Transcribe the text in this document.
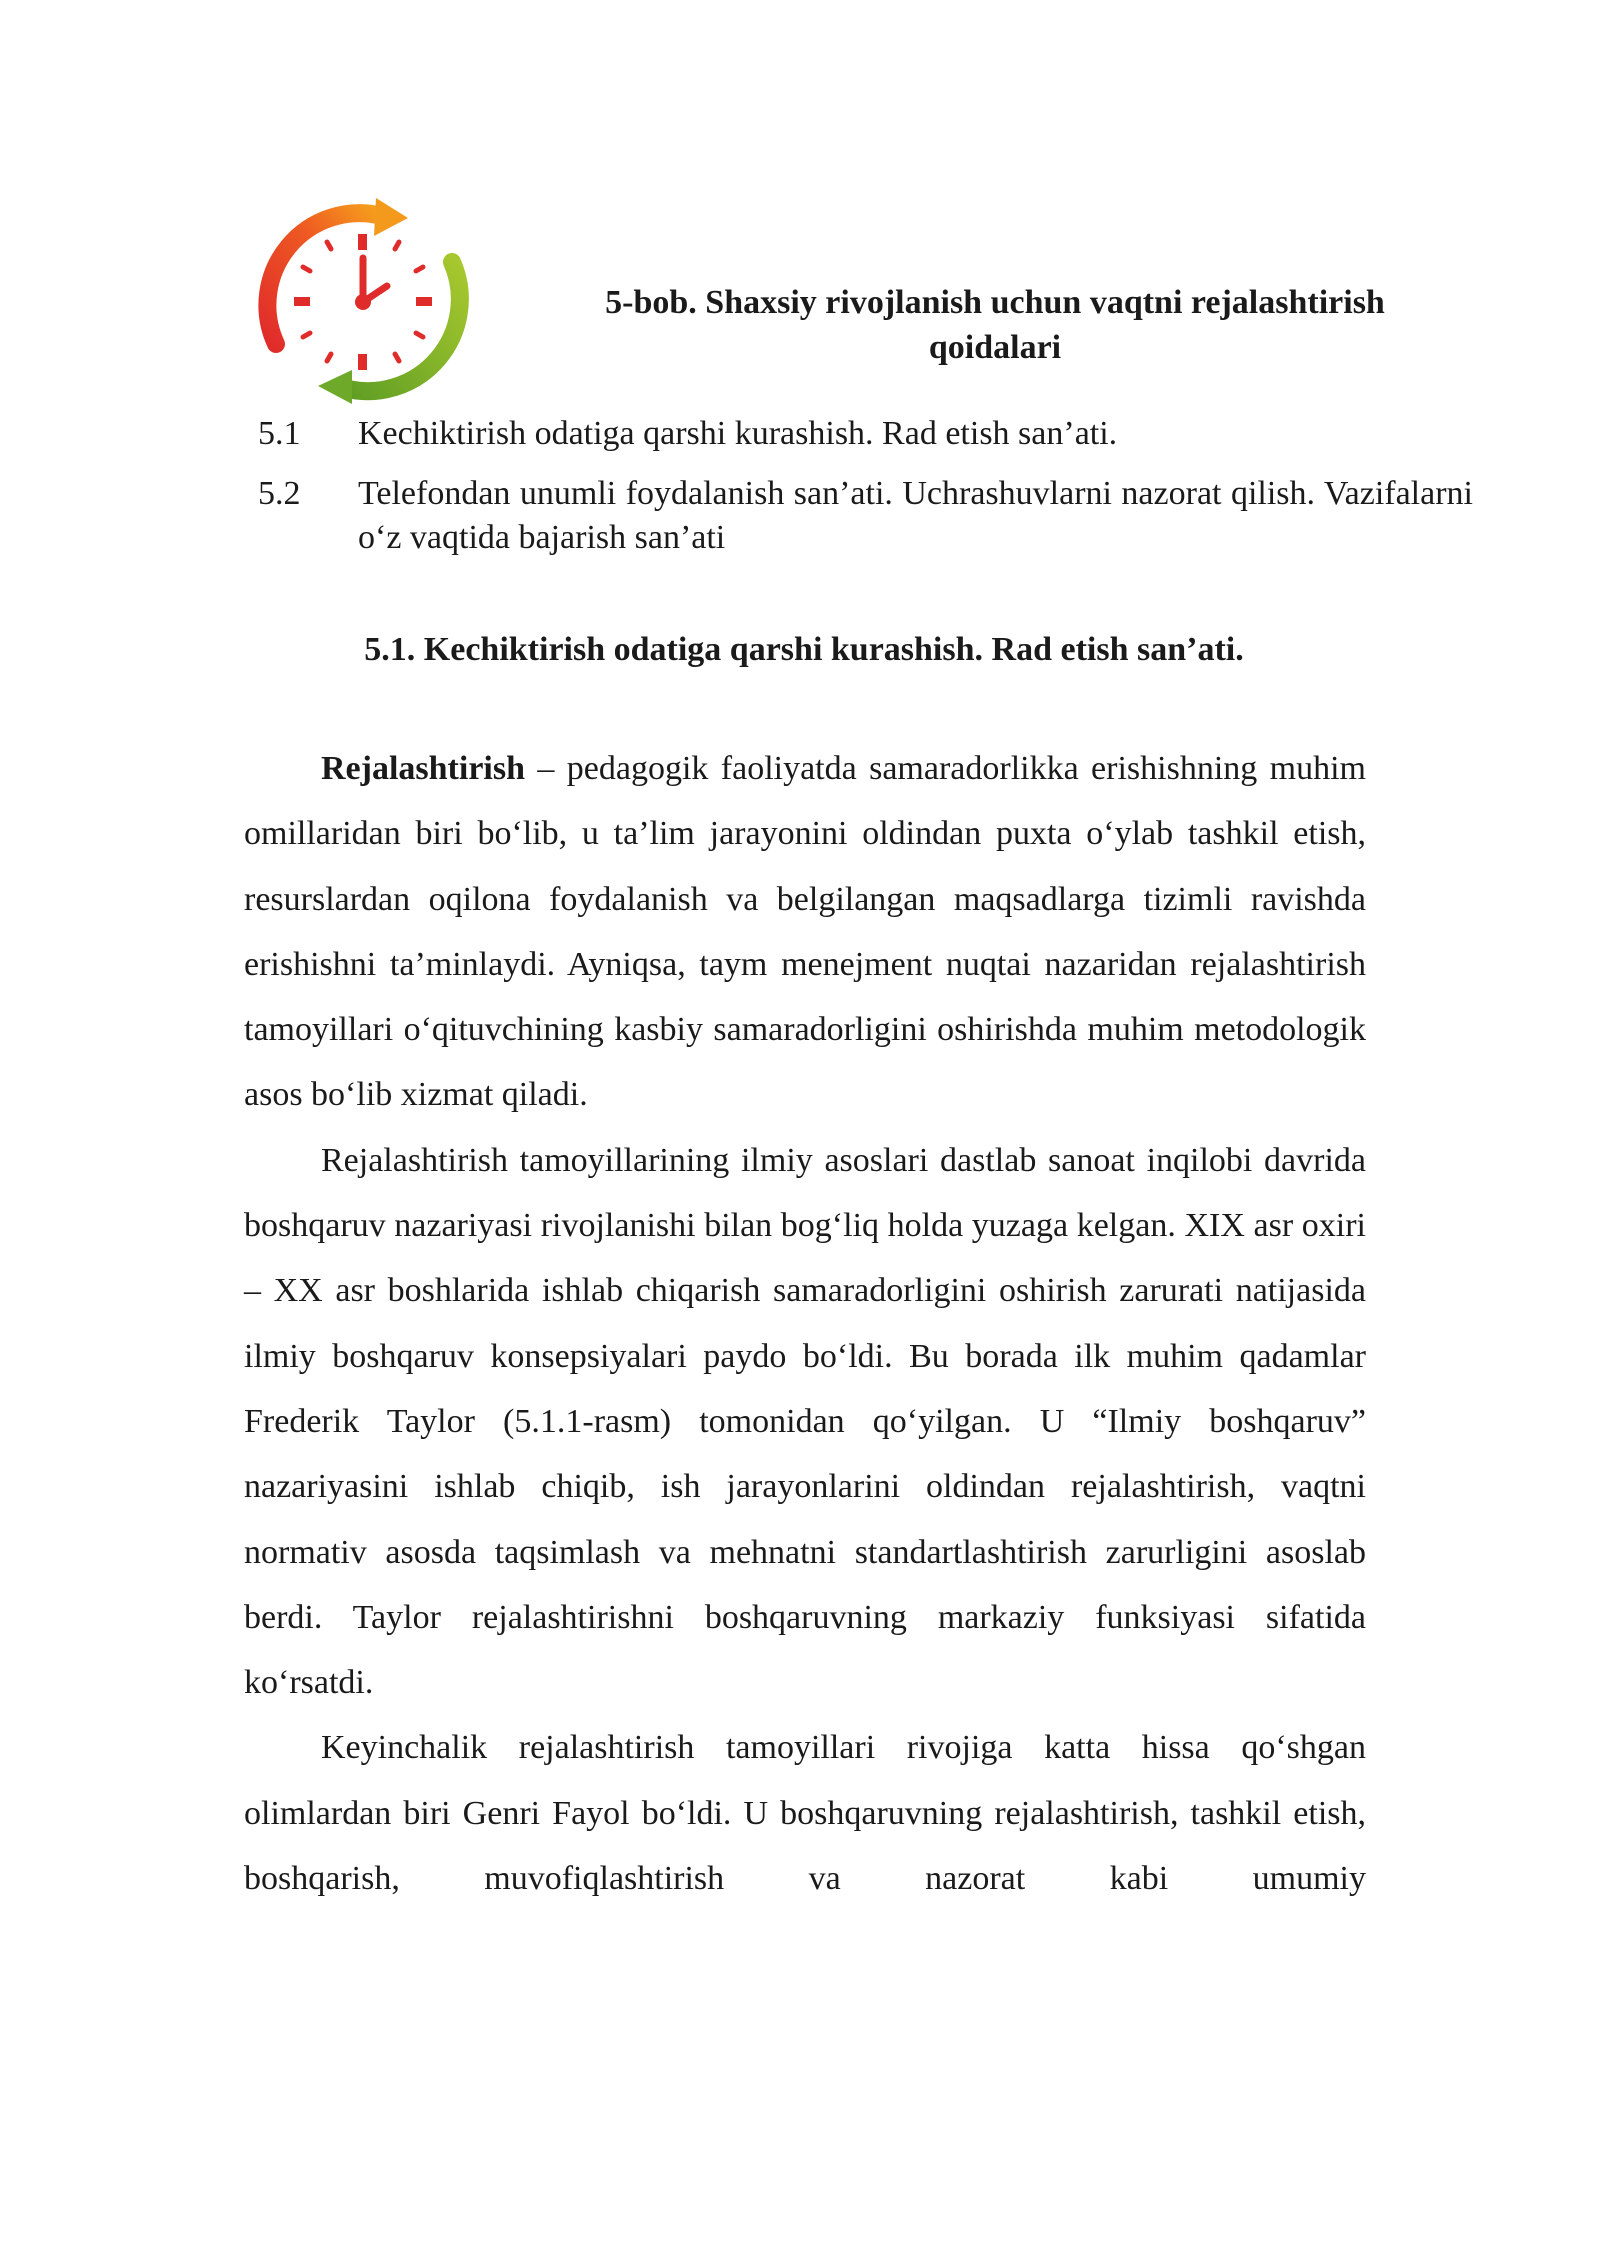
5-bob. Shaxsiy rivojlanish uchun vaqtni rejalashtirish
qoidalari
5.1	Kechiktirish odatiga qarshi kurashish. Rad etish san’ati.
5.2	Telefondan unumli foydalanish san’ati. Uchrashuvlarni nazorat qilish. Vazifalarni o‘z vaqtida bajarish san’ati
5.1. Kechiktirish odatiga qarshi kurashish. Rad etish san’ati.

Rejalashtirish – pedagogik faoliyatda samaradorlikka erishishning muhim omillaridan biri bo‘lib, u ta’lim jarayonini oldindan puxta o‘ylab tashkil etish, resurslardan oqilona foydalanish va belgilangan maqsadlarga tizimli ravishda erishishni ta’minlaydi. Ayniqsa, taym menejment nuqtai nazaridan rejalashtirish tamoyillari o‘qituvchining kasbiy samaradorligini oshirishda muhim metodologik asos bo‘lib xizmat qiladi.

Rejalashtirish tamoyillarining ilmiy asoslari dastlab sanoat inqilobi davrida boshqaruv nazariyasi rivojlanishi bilan bog‘liq holda yuzaga kelgan. XIX asr oxiri – XX asr boshlarida ishlab chiqarish samaradorligini oshirish zarurati natijasida ilmiy boshqaruv konsepsiyalari paydo bo‘ldi. Bu borada ilk muhim qadamlar Frederik Taylor (5.1.1-rasm) tomonidan qo‘yilgan. U “Ilmiy boshqaruv” nazariyasini ishlab chiqib, ish jarayonlarini oldindan rejalashtirish, vaqtni normativ asosda taqsimlash va mehnatni standartlashtirish zarurligini asoslab berdi. Taylor rejalashtirishni boshqaruvning markaziy funksiyasi sifatida ko‘rsatdi.

Keyinchalik rejalashtirish tamoyillari rivojiga katta hissa qo‘shgan olimlardan biri Genri Fayol bo‘ldi. U boshqaruvning rejalashtirish, tashkil etish, boshqarish, muvofiqlashtirish va nazorat kabi umumiy
